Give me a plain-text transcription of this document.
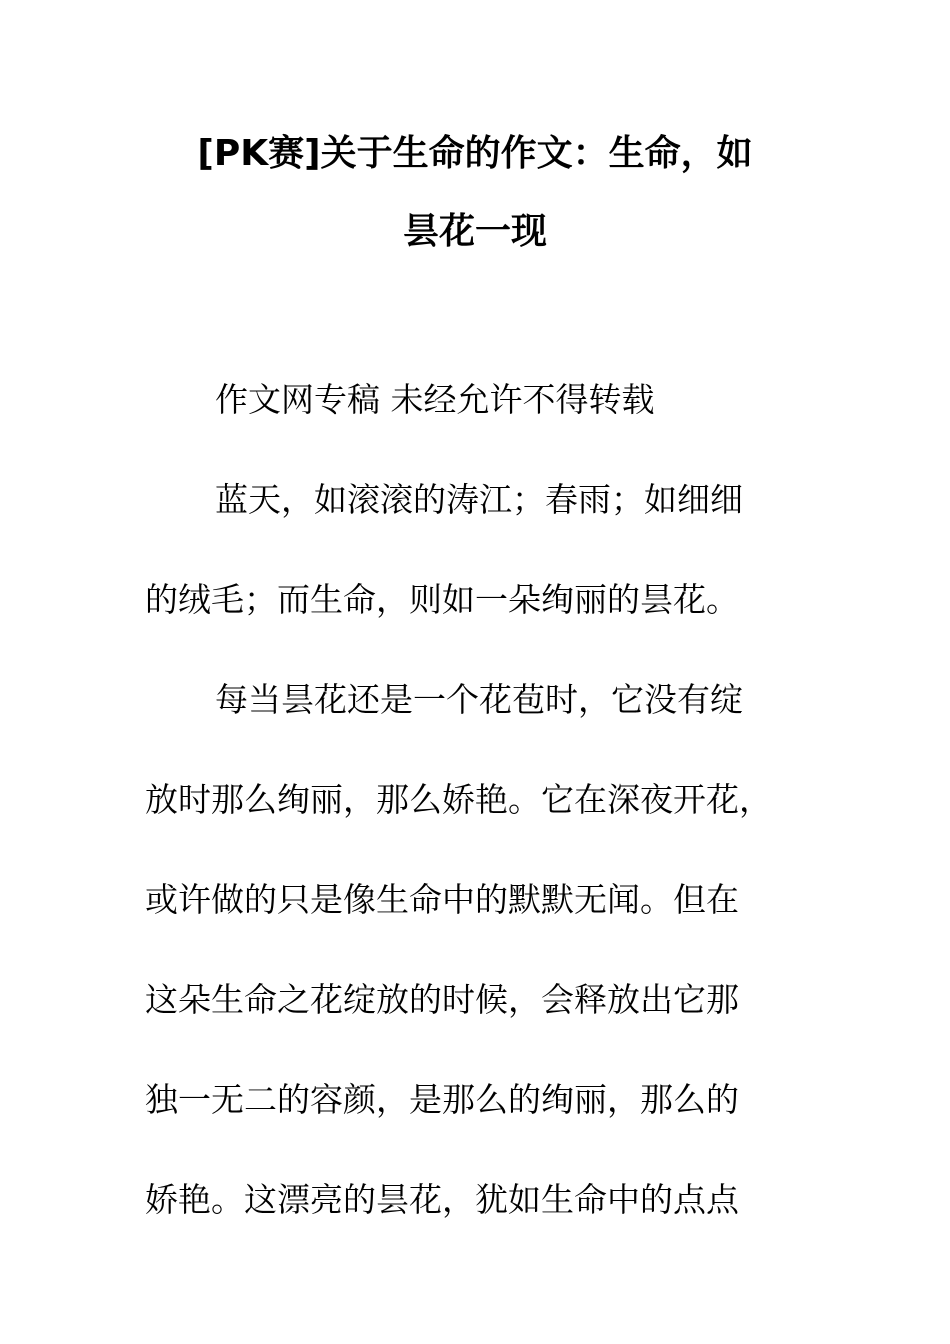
[PK赛]关于生命的作文：生命，如
昙花一现
作文网专稿 未经允许不得转载
蓝天，如滚滚的涛江；春雨；如细细
的绒毛；而生命，则如一朵绚丽的昙花。
每当昙花还是一个花苞时，它没有绽
放时那么绚丽，那么娇艳。它在深夜开花，
或许做的只是像生命中的默默无闻。但在
这朵生命之花绽放的时候，会释放出它那
独一无二的容颜，是那么的绚丽，那么的
娇艳。这漂亮的昙花，犹如生命中的点点
